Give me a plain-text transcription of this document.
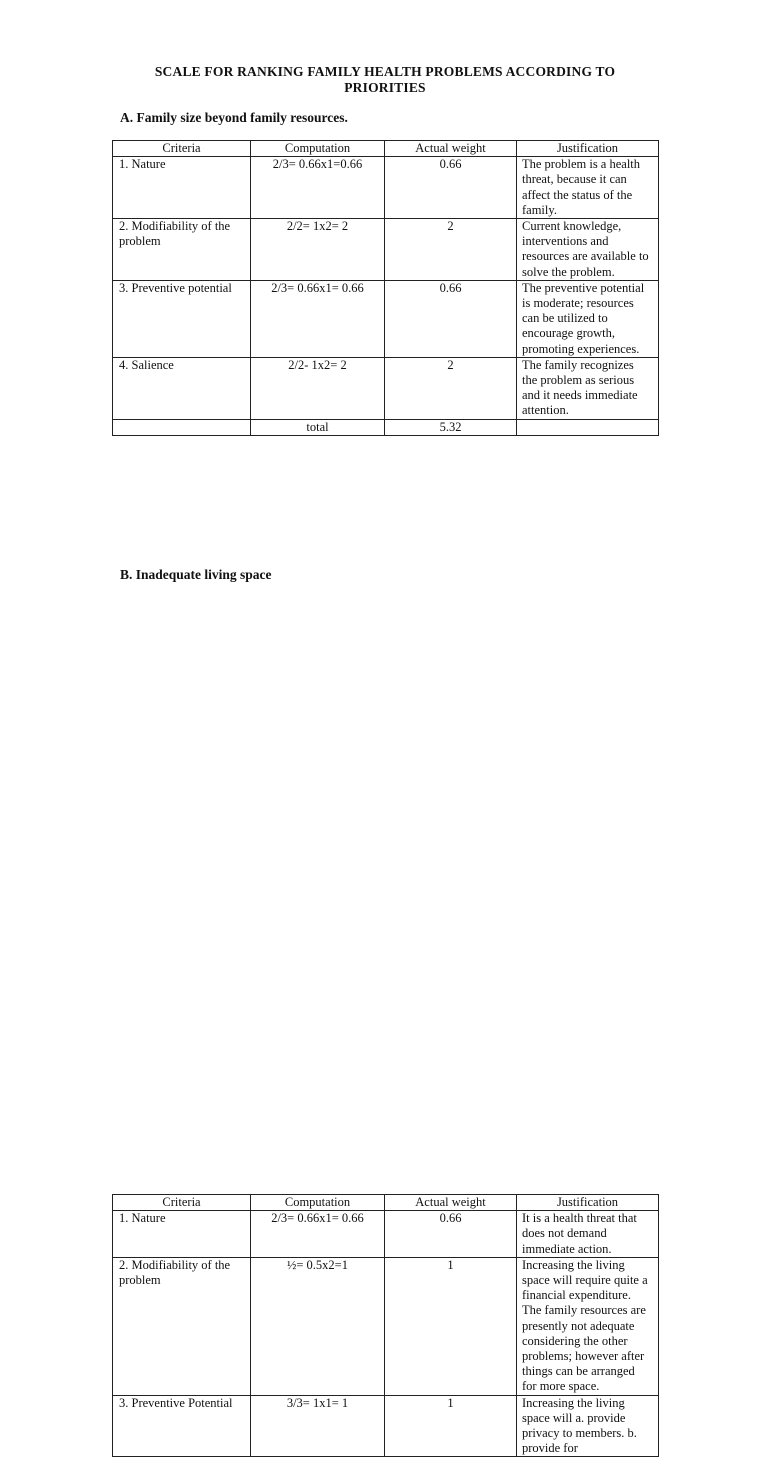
SCALE FOR RANKING FAMILY HEALTH PROBLEMS ACCORDING TO PRIORITIES
A. Family size beyond family resources.
Criteria	Computation	Actual weight	Justification
1. Nature	2/3= 0.66x1=0.66	0.66	The problem is a health threat, because it can affect the status of the family.
2. Modifiability of the problem	2/2= 1x2= 2	2	Current knowledge, interventions and resources are available to solve the problem.
3. Preventive potential	2/3= 0.66x1= 0.66	0.66	The preventive potential is moderate; resources can be utilized to encourage growth, promoting experiences.
4. Salience	2/2- 1x2= 2	2	The family recognizes the problem as serious and it needs immediate attention.
	total	5.32	
B. Inadequate living space
Criteria	Computation	Actual weight	Justification
1. Nature	2/3= 0.66x1= 0.66	0.66	It is a health threat that does not demand immediate action.
2. Modifiability of the problem	½= 0.5x2=1	1	Increasing the living space will require quite a financial expenditure. The family resources are presently not adequate considering the other problems; however after things can be arranged for more space.
3. Preventive Potential	3/3= 1x1= 1	1	Increasing the living space will a. provide privacy to members. b. provide for
